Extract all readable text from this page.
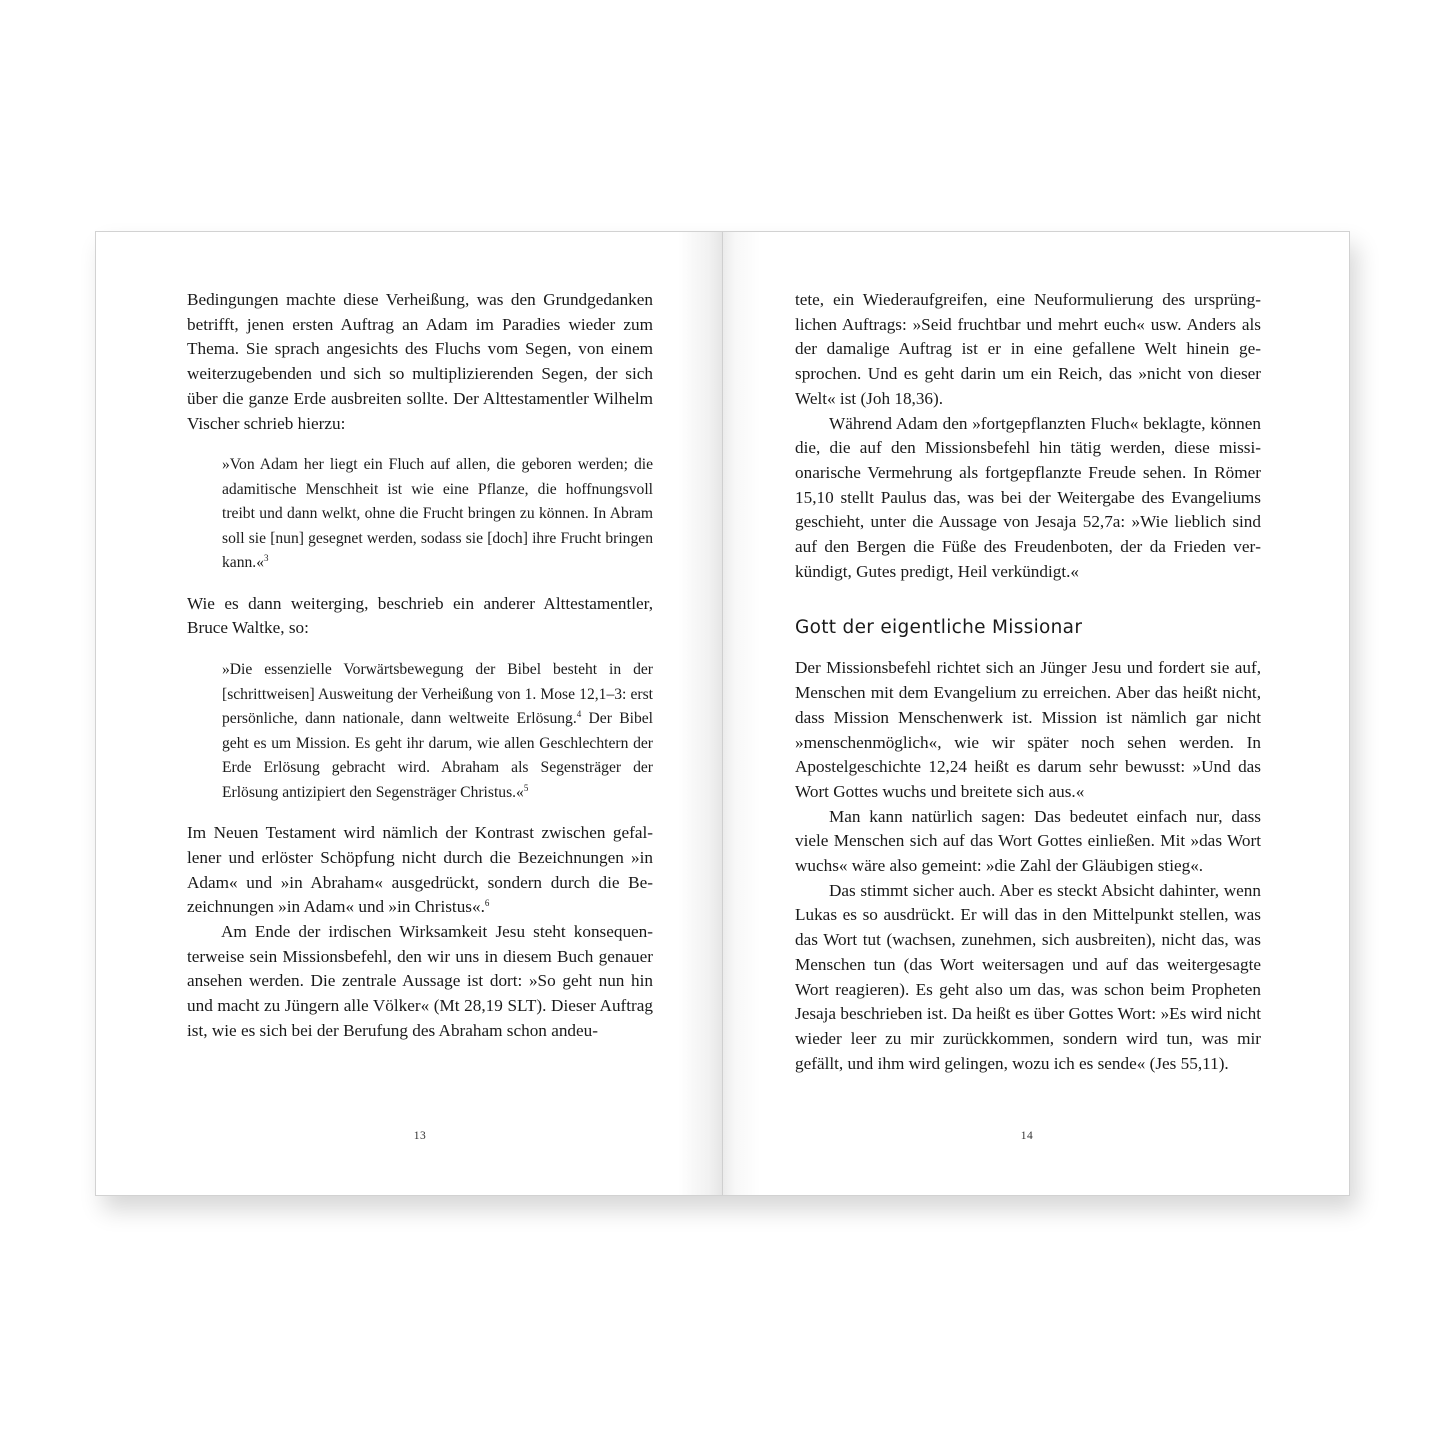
Bedingungen machte diese Verheißung, was den Grundgedanken betrifft, jenen ersten Auftrag an Adam im Paradies wieder zum Thema. Sie sprach angesichts des Fluchs vom Segen, von einem weiterzugebenden und sich so multiplizierenden Segen, der sich über die ganze Erde ausbreiten sollte. Der Alttestamentler Wilhelm Vischer schrieb hierzu:

»Von Adam her liegt ein Fluch auf allen, die geboren werden; die adamitische Menschheit ist wie eine Pflanze, die hoffnungsvoll treibt und dann welkt, ohne die Frucht bringen zu können. In Abram soll sie [nun] gesegnet werden, sodass sie [doch] ihre Frucht bringen kann.«$^3$

Wie es dann weiterging, beschrieb ein anderer Alttestamentler, Bruce Waltke, so:

»Die essenzielle Vorwärtsbewegung der Bibel besteht in der [schrittweisen] Ausweitung der Verheißung von 1. Mose 12,1–3: erst persönliche, dann nationale, dann weltweite Erlösung.$^4$ Der Bibel geht es um Mission. Es geht ihr darum, wie allen Geschlechtern der Erde Erlösung gebracht wird. Abraham als Segensträger der Erlösung antizipiert den Segensträger Christus.«$^5$

Im Neuen Testament wird nämlich der Kontrast zwischen gefallener und erlöster Schöpfung nicht durch die Bezeichnungen »in Adam« und »in Abraham« ausgedrückt, sondern durch die Bezeichnungen »in Adam« und »in Christus«.$^6$

Am Ende der irdischen Wirksamkeit Jesu steht konsequenterweise sein Missionsbefehl, den wir uns in diesem Buch genauer ansehen werden. Die zentrale Aussage ist dort: »So geht nun hin und macht zu Jüngern alle Völker« (Mt 28,19 SLT). Dieser Auftrag ist, wie es sich bei der Berufung des Abraham schon andeu-

13

tete, ein Wiederaufgreifen, eine Neuformulierung des ursprünglichen Auftrags: »Seid fruchtbar und mehrt euch« usw. Anders als der damalige Auftrag ist er in eine gefallene Welt hinein gesprochen. Und es geht darin um ein Reich, das »nicht von dieser Welt« ist (Joh 18,36).

Während Adam den »fortgepflanzten Fluch« beklagte, können die, die auf den Missionsbefehl hin tätig werden, diese missionarische Vermehrung als fortgepflanzte Freude sehen. In Römer 15,10 stellt Paulus das, was bei der Weitergabe des Evangeliums geschieht, unter die Aussage von Jesaja 52,7a: »Wie lieblich sind auf den Bergen die Füße des Freudenboten, der da Frieden verkündigt, Gutes predigt, Heil verkündigt.«

Gott der eigentliche Missionar

Der Missionsbefehl richtet sich an Jünger Jesu und fordert sie auf, Menschen mit dem Evangelium zu erreichen. Aber das heißt nicht, dass Mission Menschenwerk ist. Mission ist nämlich gar nicht »menschenmöglich«, wie wir später noch sehen werden. In Apostelgeschichte 12,24 heißt es darum sehr bewusst: »Und das Wort Gottes wuchs und breitete sich aus.«

Man kann natürlich sagen: Das bedeutet einfach nur, dass viele Menschen sich auf das Wort Gottes einließen. Mit »das Wort wuchs« wäre also gemeint: »die Zahl der Gläubigen stieg«.

Das stimmt sicher auch. Aber es steckt Absicht dahinter, wenn Lukas es so ausdrückt. Er will das in den Mittelpunkt stellen, was das Wort tut (wachsen, zunehmen, sich ausbreiten), nicht das, was Menschen tun (das Wort weitersagen und auf das weitergesagte Wort reagieren). Es geht also um das, was schon beim Propheten Jesaja beschrieben ist. Da heißt es über Gottes Wort: »Es wird nicht wieder leer zu mir zurückkommen, sondern wird tun, was mir gefällt, und ihm wird gelingen, wozu ich es sende« (Jes 55,11).

14
